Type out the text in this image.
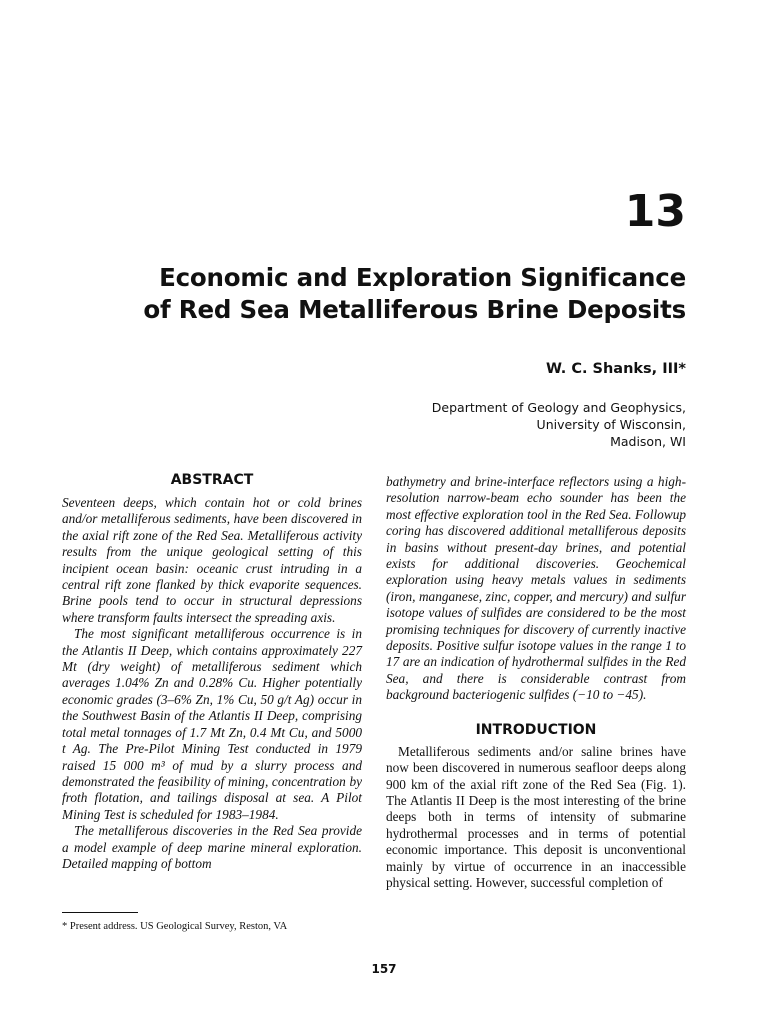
13
Economic and Exploration Significance
of Red Sea Metalliferous Brine Deposits
W. C. Shanks, III*
Department of Geology and Geophysics,
University of Wisconsin,
Madison, WI
ABSTRACT

Seventeen deeps, which contain hot or cold brines and/or metalliferous sediments, have been discovered in the axial rift zone of the Red Sea. Metalliferous activity results from the unique geological setting of this incipient ocean basin: oceanic crust intruding in a central rift zone flanked by thick evaporite sequences. Brine pools tend to occur in structural depressions where transform faults intersect the spreading axis.

The most significant metalliferous occurrence is in the Atlantis II Deep, which contains approximately 227 Mt (dry weight) of metalliferous sediment which averages 1.04% Zn and 0.28% Cu. Higher potentially economic grades (3–6% Zn, 1% Cu, 50 g/t Ag) occur in the Southwest Basin of the Atlantis II Deep, comprising total metal tonnages of 1.7 Mt Zn, 0.4 Mt Cu, and 5000 t Ag. The Pre-Pilot Mining Test conducted in 1979 raised 15 000 m³ of mud by a slurry process and demonstrated the feasibility of mining, concentration by froth flotation, and tailings disposal at sea. A Pilot Mining Test is scheduled for 1983–1984.

The metalliferous discoveries in the Red Sea provide a model example of deep marine mineral exploration. Detailed mapping of bottom

bathymetry and brine-interface reflectors using a high-resolution narrow-beam echo sounder has been the most effective exploration tool in the Red Sea. Followup coring has discovered additional metalliferous deposits in basins without present-day brines, and potential exists for additional discoveries. Geochemical exploration using heavy metals values in sediments (iron, manganese, zinc, copper, and mercury) and sulfur isotope values of sulfides are considered to be the most promising techniques for discovery of currently inactive deposits. Positive sulfur isotope values in the range 1 to 17 are an indication of hydrothermal sulfides in the Red Sea, and there is considerable contrast from background bacteriogenic sulfides (−10 to −45).

INTRODUCTION

Metalliferous sediments and/or saline brines have now been discovered in numerous seafloor deeps along 900 km of the axial rift zone of the Red Sea (Fig. 1). The Atlantis II Deep is the most interesting of the brine deeps both in terms of intensity of submarine hydrothermal processes and in terms of potential economic importance. This deposit is unconventional mainly by virtue of occurrence in an inaccessible physical setting. However, successful completion of

* Present address. US Geological Survey, Reston, VA
157
